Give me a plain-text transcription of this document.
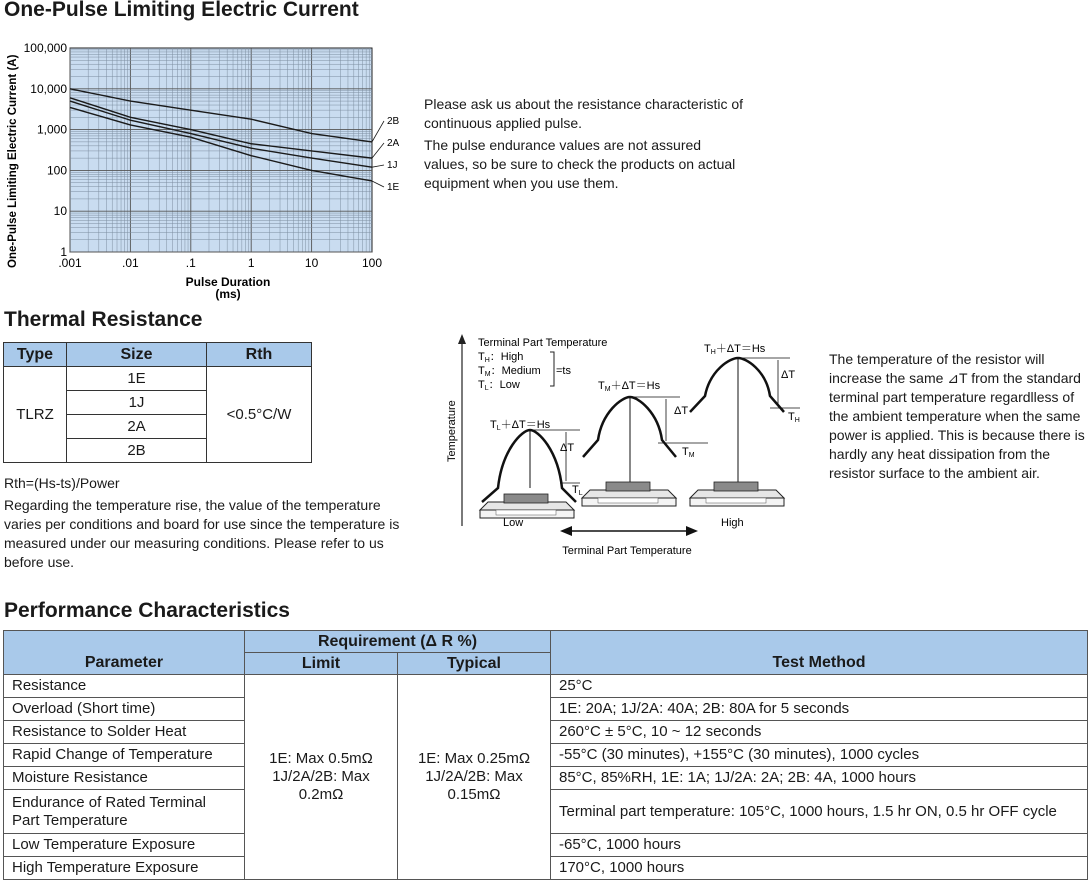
One-Pulse Limiting Electric Current
2B
2A
1J
1E
.001	.01	.1	1	10	100
100,000
10,000
1,000
100
10
1
One-Pulse Limiting Electric Current (A)
Pulse Duration
(ms)
Please ask us about the resistance characteristic of continuous applied pulse.
The pulse endurance values are not assured values, so be sure to check the products on actual equipment when you use them.
Thermal Resistance
Type	Size	Rth
TLRZ	1E	<0.5°C/W
	1J	
	2A	
	2B	
Rth=(Hs-ts)/Power
Regarding the temperature rise, the value of the temperature varies per conditions and board for use since the temperature is measured under our measuring conditions. Please refer to us before use.
Temperature
Terminal Part Temperature
TH：High
TM：Medium
TL：Low
=ts
TL＋ΔT＝Hs
ΔT
TL
Low
TM＋ΔT＝Hs
ΔT
TM
TH＋ΔT＝Hs
ΔT
TH
High
Terminal Part Temperature
The temperature of the resistor will increase the same ⊿T from the standard terminal part temperature regardlless of the ambient temperature when the same power is applied. This is because there is hardly any heat dissipation from the resistor surface to the ambient air.
Performance Characteristics
Parameter	Requirement (Δ R %)		Test Method
	Limit	Typical	
Resistance	1E: Max 0.5mΩ
1J/2A/2B: Max
0.2mΩ	1E: Max 0.25mΩ
1J/2A/2B: Max
0.15mΩ	25°C
Overload (Short time)			1E: 20A; 1J/2A: 40A; 2B: 80A for 5 seconds
Resistance to Solder Heat			260°C ± 5°C, 10 ~ 12 seconds
Rapid Change of Temperature			-55°C (30 minutes), +155°C (30 minutes), 1000 cycles
Moisture Resistance			85°C, 85%RH, 1E: 1A; 1J/2A: 2A; 2B: 4A, 1000 hours
Endurance of Rated Terminal Part Temperature			Terminal part temperature: 105°C, 1000 hours, 1.5 hr ON, 0.5 hr OFF cycle
Low Temperature Exposure			-65°C, 1000 hours
High Temperature Exposure			170°C, 1000 hours
